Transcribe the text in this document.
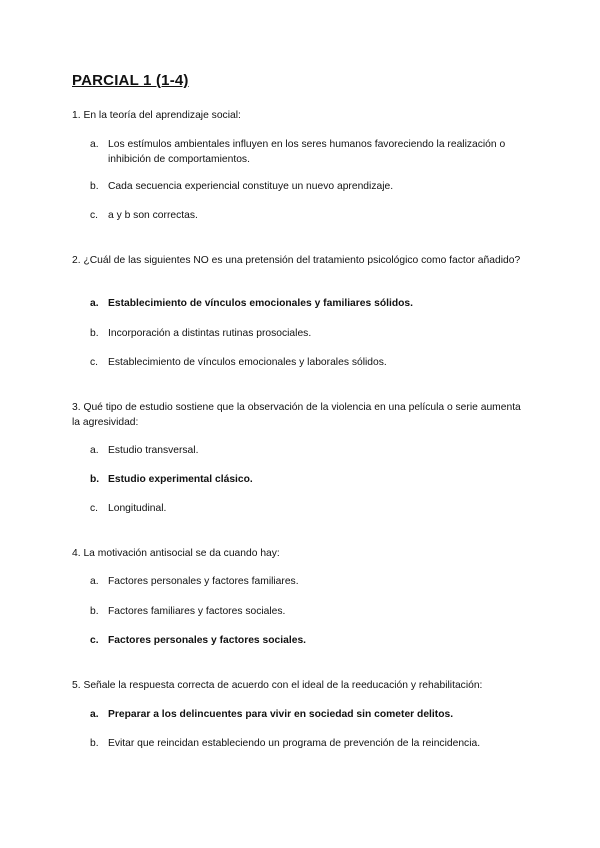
PARCIAL 1 (1-4)
1. En la teoría del aprendizaje social:
a. Los estímulos ambientales influyen en los seres humanos favoreciendo la realización o inhibición de comportamientos.
b. Cada secuencia experiencial constituye un nuevo aprendizaje.
c. a y b son correctas.
2. ¿Cuál de las siguientes NO es una pretensión del tratamiento psicológico como factor añadido?
a. Establecimiento de vínculos emocionales y familiares sólidos.
b. Incorporación a distintas rutinas prosociales.
c. Establecimiento de vínculos emocionales y laborales sólidos.
3. Qué tipo de estudio sostiene que la observación de la violencia en una película o serie aumenta la agresividad:
a. Estudio transversal.
b. Estudio experimental clásico.
c. Longitudinal.
4. La motivación antisocial se da cuando hay:
a. Factores personales y factores familiares.
b. Factores familiares y factores sociales.
c. Factores personales y factores sociales.
5. Señale la respuesta correcta de acuerdo con el ideal de la reeducación y rehabilitación:
a. Preparar a los delincuentes para vivir en sociedad sin cometer delitos.
b. Evitar que reincidan estableciendo un programa de prevención de la reincidencia.
